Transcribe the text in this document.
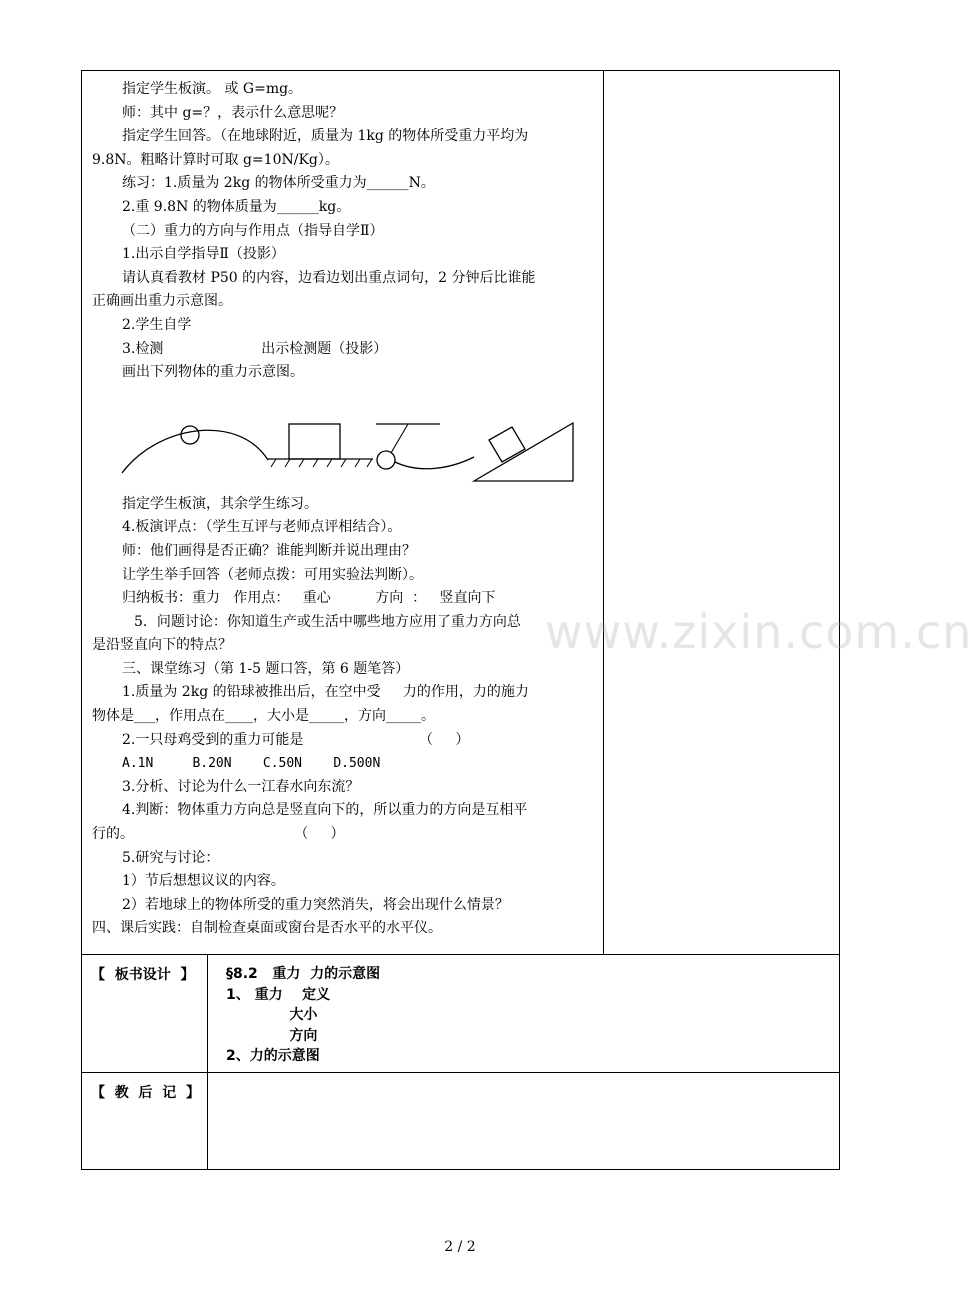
指定学生板演。 或 G=mg。

师：其中 g=？，表示什么意思呢？

指定学生回答。（在地球附近，质量为 1kg 的物体所受重力平均为

9.8N。粗略计算时可取 g=10N/Kg）。

练习：1.质量为 2kg 的物体所受重力为______N。

2.重 9.8N 的物体质量为______kg。

（二）重力的方向与作用点（指导自学Ⅱ）

1.出示自学指导Ⅱ（投影）

请认真看教材 P50 的内容，边看边划出重点词句，2 分钟后比谁能

正确画出重力示意图。

2.学生自学

3.检测                      出示检测题（投影）

画出下列物体的重力示意图。

指定学生板演，其余学生练习。

4.板演评点：（学生互评与老师点评相结合）。

师：他们画得是否正确？谁能判断并说出理由？

让学生举手回答（老师点拨：可用实验法判断）。

归纳板书：重力   作用点：   重心          方向  ：   竖直向下

5．问题讨论：你知道生产或生活中哪些地方应用了重力方向总

是沿竖直向下的特点？

三、课堂练习（第 1-5 题口答，第 6 题笔答）

1.质量为 2kg 的铅球被推出后，在空中受     力的作用，力的施力

物体是___，作用点在____，大小是_____，方向_____。

2.一只母鸡受到的重力可能是                          （     ）

A.1N     B.20N    C.50N    D.500N

3.分析、讨论为什么一江春水向东流？

4.判断：物体重力方向总是竖直向下的，所以重力的方向是互相平

行的。                                    （     ）

5.研究与讨论：

1）节后想想议议的内容。

2）若地球上的物体所受的重力突然消失，将会出现什么情景？

四、课后实践：自制检查桌面或窗台是否水平的水平仪。

【  板书设计  】 §8.2   重力  力的示意图
1、 重力    定义
大小
方向
2、力的示意图
【  教  后  记  】
www.zixin.com.cn
2 / 2
